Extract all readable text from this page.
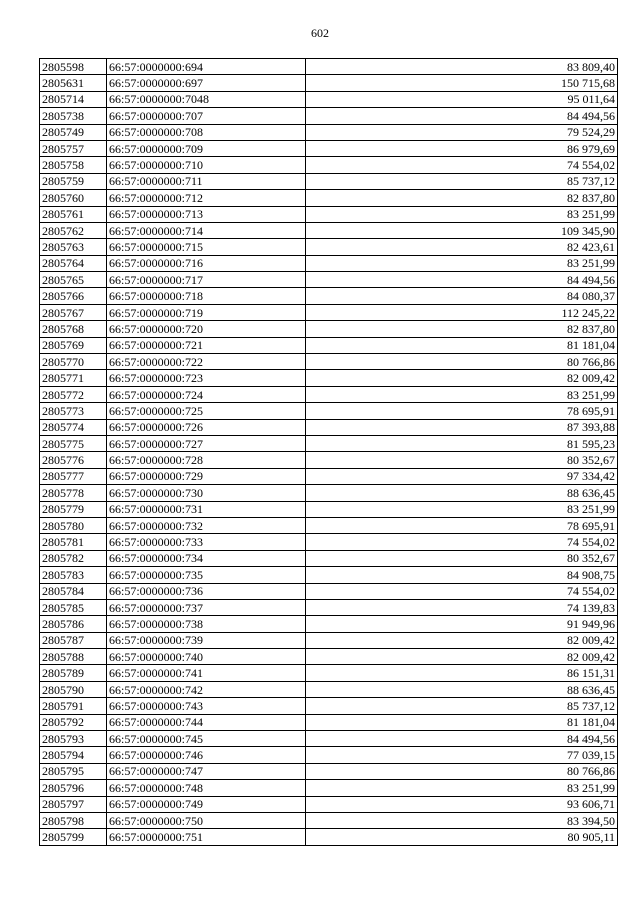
602
2805598	66:57:0000000:694	83 809,40
2805631	66:57:0000000:697	150 715,68
2805714	66:57:0000000:7048	95 011,64
2805738	66:57:0000000:707	84 494,56
2805749	66:57:0000000:708	79 524,29
2805757	66:57:0000000:709	86 979,69
2805758	66:57:0000000:710	74 554,02
2805759	66:57:0000000:711	85 737,12
2805760	66:57:0000000:712	82 837,80
2805761	66:57:0000000:713	83 251,99
2805762	66:57:0000000:714	109 345,90
2805763	66:57:0000000:715	82 423,61
2805764	66:57:0000000:716	83 251,99
2805765	66:57:0000000:717	84 494,56
2805766	66:57:0000000:718	84 080,37
2805767	66:57:0000000:719	112 245,22
2805768	66:57:0000000:720	82 837,80
2805769	66:57:0000000:721	81 181,04
2805770	66:57:0000000:722	80 766,86
2805771	66:57:0000000:723	82 009,42
2805772	66:57:0000000:724	83 251,99
2805773	66:57:0000000:725	78 695,91
2805774	66:57:0000000:726	87 393,88
2805775	66:57:0000000:727	81 595,23
2805776	66:57:0000000:728	80 352,67
2805777	66:57:0000000:729	97 334,42
2805778	66:57:0000000:730	88 636,45
2805779	66:57:0000000:731	83 251,99
2805780	66:57:0000000:732	78 695,91
2805781	66:57:0000000:733	74 554,02
2805782	66:57:0000000:734	80 352,67
2805783	66:57:0000000:735	84 908,75
2805784	66:57:0000000:736	74 554,02
2805785	66:57:0000000:737	74 139,83
2805786	66:57:0000000:738	91 949,96
2805787	66:57:0000000:739	82 009,42
2805788	66:57:0000000:740	82 009,42
2805789	66:57:0000000:741	86 151,31
2805790	66:57:0000000:742	88 636,45
2805791	66:57:0000000:743	85 737,12
2805792	66:57:0000000:744	81 181,04
2805793	66:57:0000000:745	84 494,56
2805794	66:57:0000000:746	77 039,15
2805795	66:57:0000000:747	80 766,86
2805796	66:57:0000000:748	83 251,99
2805797	66:57:0000000:749	93 606,71
2805798	66:57:0000000:750	83 394,50
2805799	66:57:0000000:751	80 905,11
